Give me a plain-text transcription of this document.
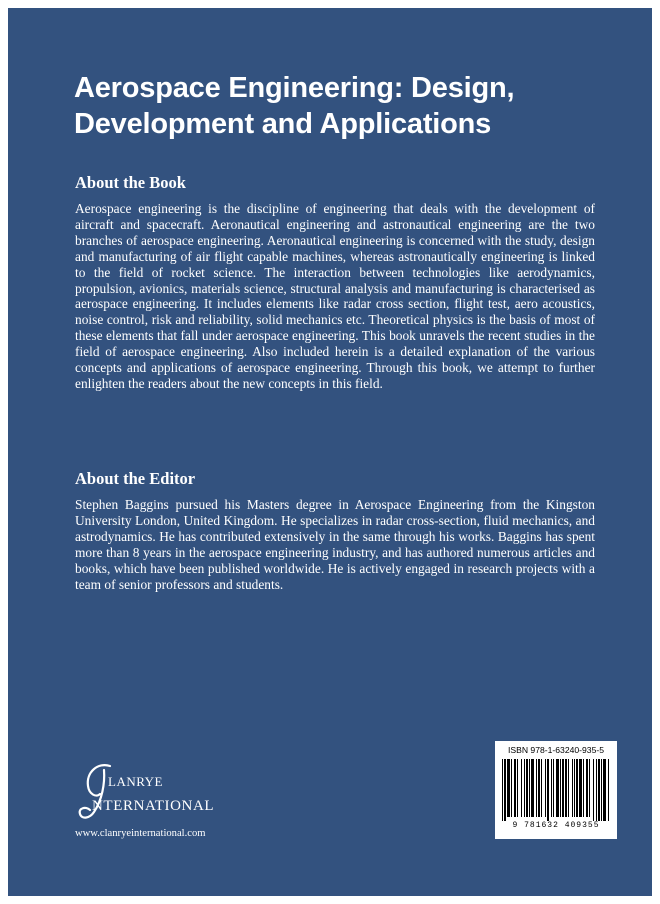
Aerospace Engineering: Design, Development and Applications
About the Book

Aerospace engineering is the discipline of engineering that deals with the development of aircraft and spacecraft. Aeronautical engineering and astronautical engineering are the two branches of aerospace engineering. Aeronautical engineering is concerned with the study, design and manufacturing of air flight capable machines, whereas astronautically engineering is linked to the field of rocket science. The interaction between technologies like aerodynamics, propulsion, avionics, materials science, structural analysis and manufacturing is characterised as aerospace engineering. It includes elements like radar cross section, flight test, aero acoustics, noise control, risk and reliability, solid mechanics etc. Theoretical physics is the basis of most of these elements that fall under aerospace engineering. This book unravels the recent studies in the field of aerospace engineering. Also included herein is a detailed explanation of the various concepts and applications of aerospace engineering. Through this book, we attempt to further enlighten the readers about the new concepts in this field.

About the Editor

Stephen Baggins pursued his Masters degree in Aerospace Engineering from the Kingston University London, United Kingdom. He specializes in radar cross-section, fluid mechanics, and astrodynamics. He has contributed extensively in the same through his works. Baggins has spent more than 8 years in the aerospace engineering industry, and has authored numerous articles and books, which have been published worldwide. He is actively engaged in research projects with a team of senior professors and students.

LANRYE
NTERNATIONAL
www.clanryeinternational.com
ISBN 978-1-63240-935-5
9 781632 409355
